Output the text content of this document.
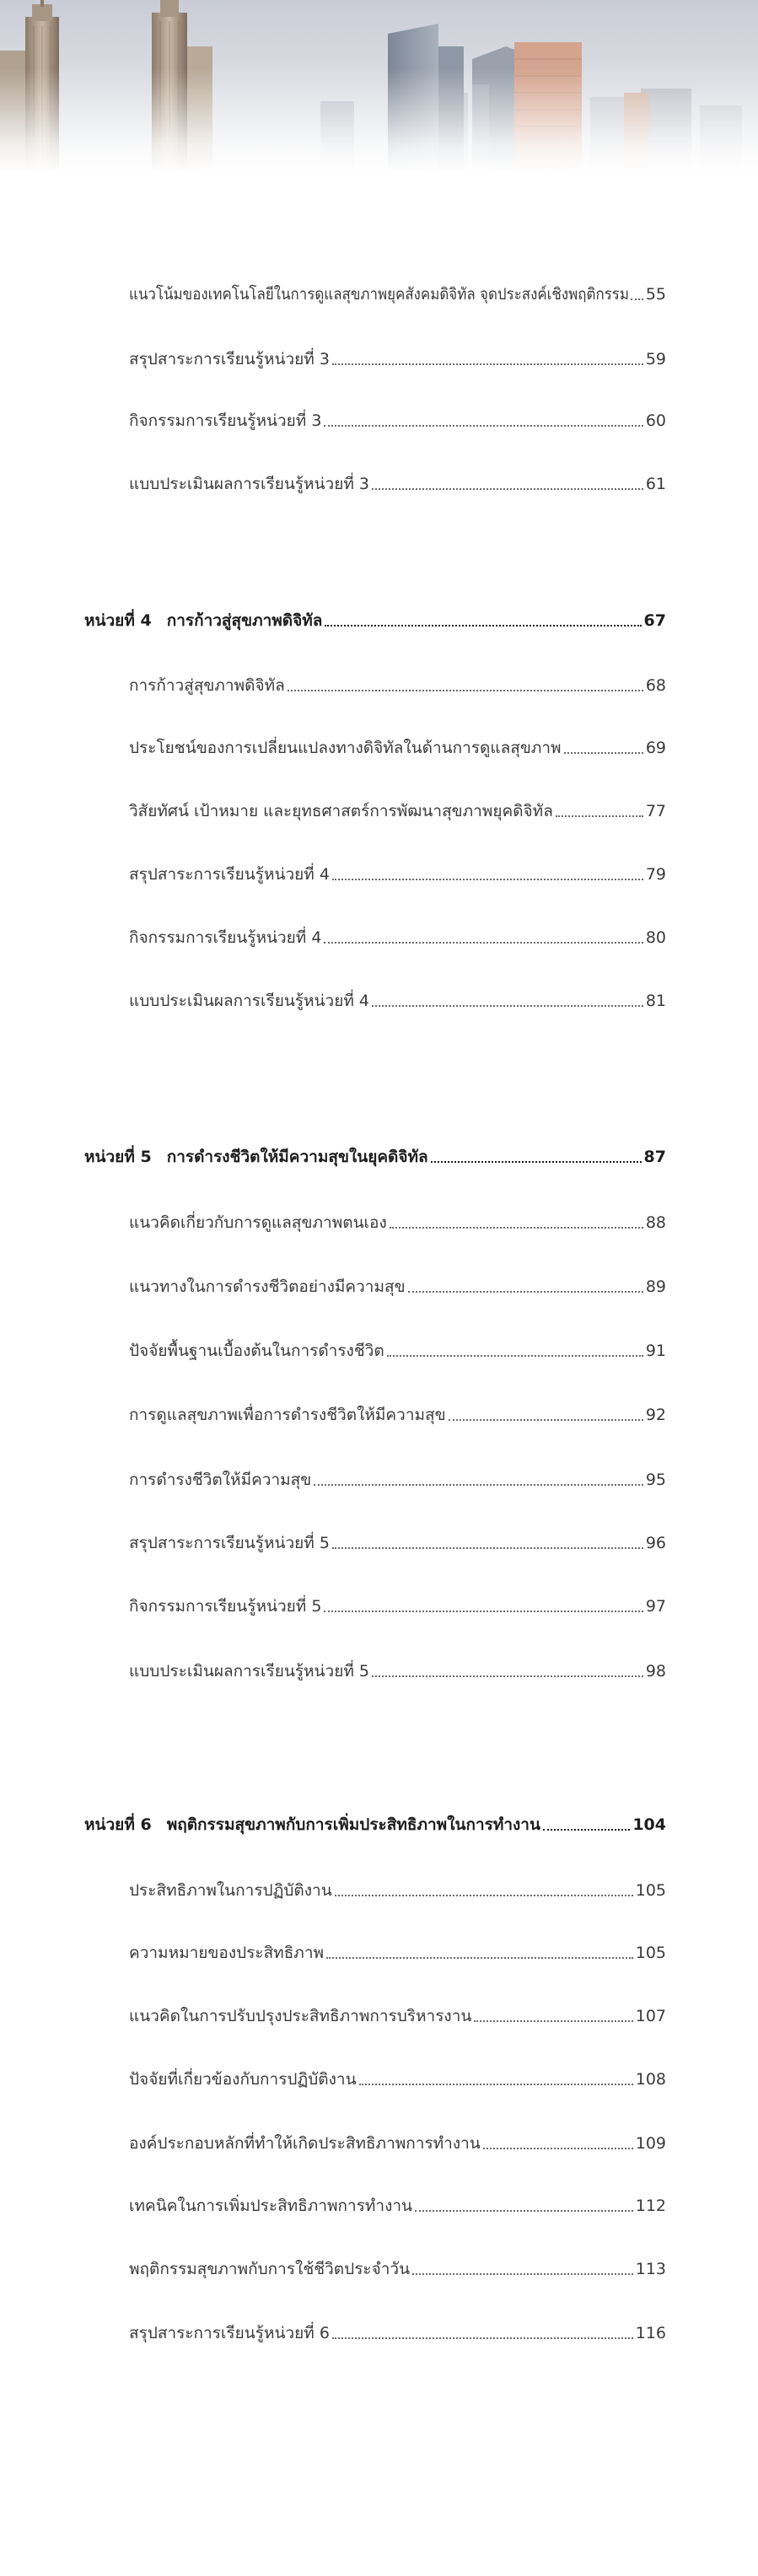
แนวโน้มของเทคโนโลยีในการดูแลสุขภาพยุคสังคมดิจิทัล จุดประสงค์เชิงพฤติกรรม 55
สรุปสาระการเรียนรู้หน่วยที่ 3	59
กิจกรรมการเรียนรู้หน่วยที่ 3	60
แบบประเมินผลการเรียนรู้หน่วยที่ 3	61
หน่วยที่ 4 การก้าวสู่สุขภาพดิจิทัล	67
การก้าวสู่สุขภาพดิจิทัล	68
ประโยชน์ของการเปลี่ยนแปลงทางดิจิทัลในด้านการดูแลสุขภาพ	69
วิสัยทัศน์ เป้าหมาย และยุทธศาสตร์การพัฒนาสุขภาพยุคดิจิทัล	77
สรุปสาระการเรียนรู้หน่วยที่ 4	79
กิจกรรมการเรียนรู้หน่วยที่ 4	80
แบบประเมินผลการเรียนรู้หน่วยที่ 4	81
หน่วยที่ 5 การดำรงชีวิตให้มีความสุขในยุคดิจิทัล	87
แนวคิดเกี่ยวกับการดูแลสุขภาพตนเอง	88
แนวทางในการดำรงชีวิตอย่างมีความสุข	89
ปัจจัยพื้นฐานเบื้องต้นในการดำรงชีวิต	91
การดูแลสุขภาพเพื่อการดำรงชีวิตให้มีความสุข	92
การดำรงชีวิตให้มีความสุข	95
สรุปสาระการเรียนรู้หน่วยที่ 5	96
กิจกรรมการเรียนรู้หน่วยที่ 5	97
แบบประเมินผลการเรียนรู้หน่วยที่ 5	98
หน่วยที่ 6 พฤติกรรมสุขภาพกับการเพิ่มประสิทธิภาพในการทำงาน	104
ประสิทธิภาพในการปฏิบัติงาน	105
ความหมายของประสิทธิภาพ	105
แนวคิดในการปรับปรุงประสิทธิภาพการบริหารงาน	107
ปัจจัยที่เกี่ยวข้องกับการปฏิบัติงาน	108
องค์ประกอบหลักที่ทำให้เกิดประสิทธิภาพการทำงาน	109
เทคนิคในการเพิ่มประสิทธิภาพการทำงาน	112
พฤติกรรมสุขภาพกับการใช้ชีวิตประจำวัน	113
สรุปสาระการเรียนรู้หน่วยที่ 6	116
